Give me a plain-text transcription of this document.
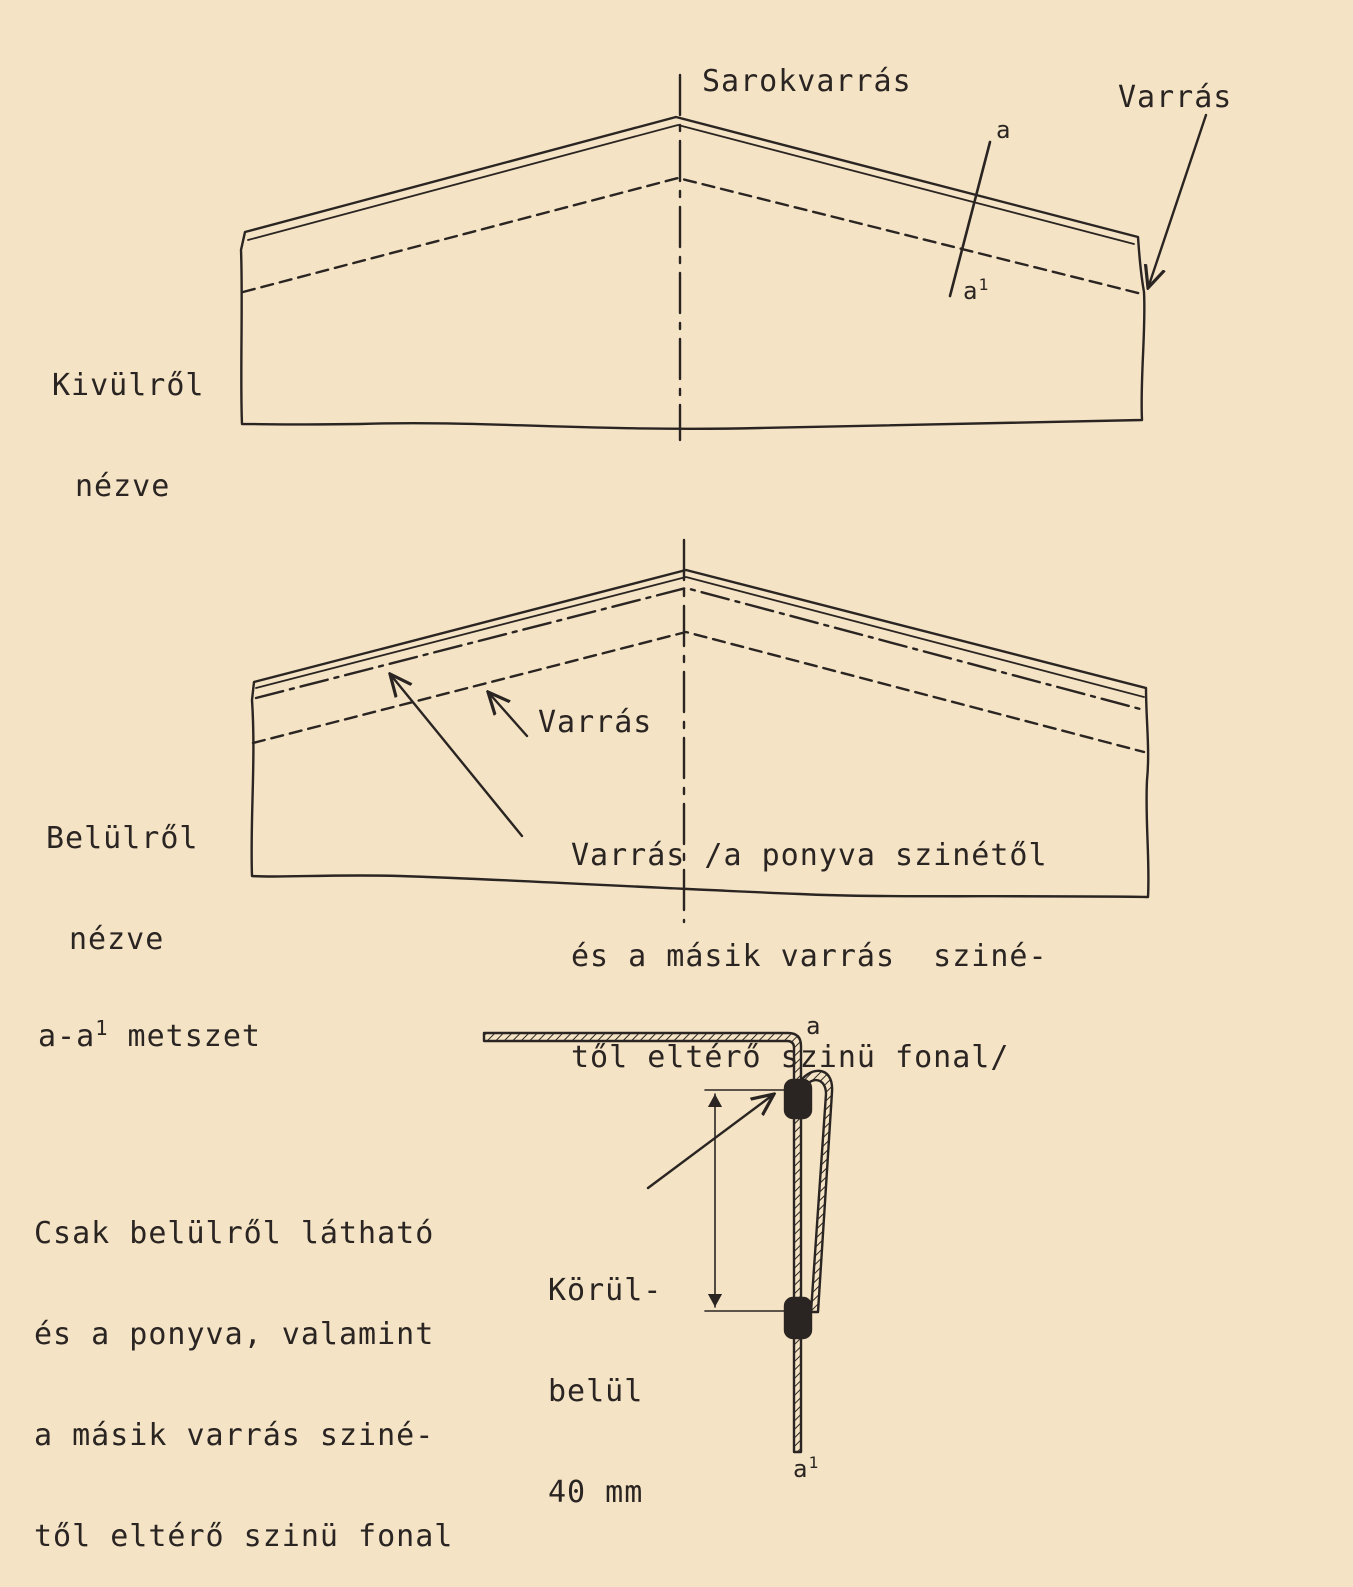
Sarokvarrás	Varrás

a

$a^1$

Kivülről

nézve

Varrás

Belülről

nézve

Varrás /a ponyva szinétől

és a másik varrás  sziné-

től eltérő szinü fonal/

$a-a^1$ metszet

Csak belülről látható

és a ponyva, valamint

a másik varrás sziné-

től eltérő szinü fonal

Körül-

belül

40 mm

a

$a^1$
